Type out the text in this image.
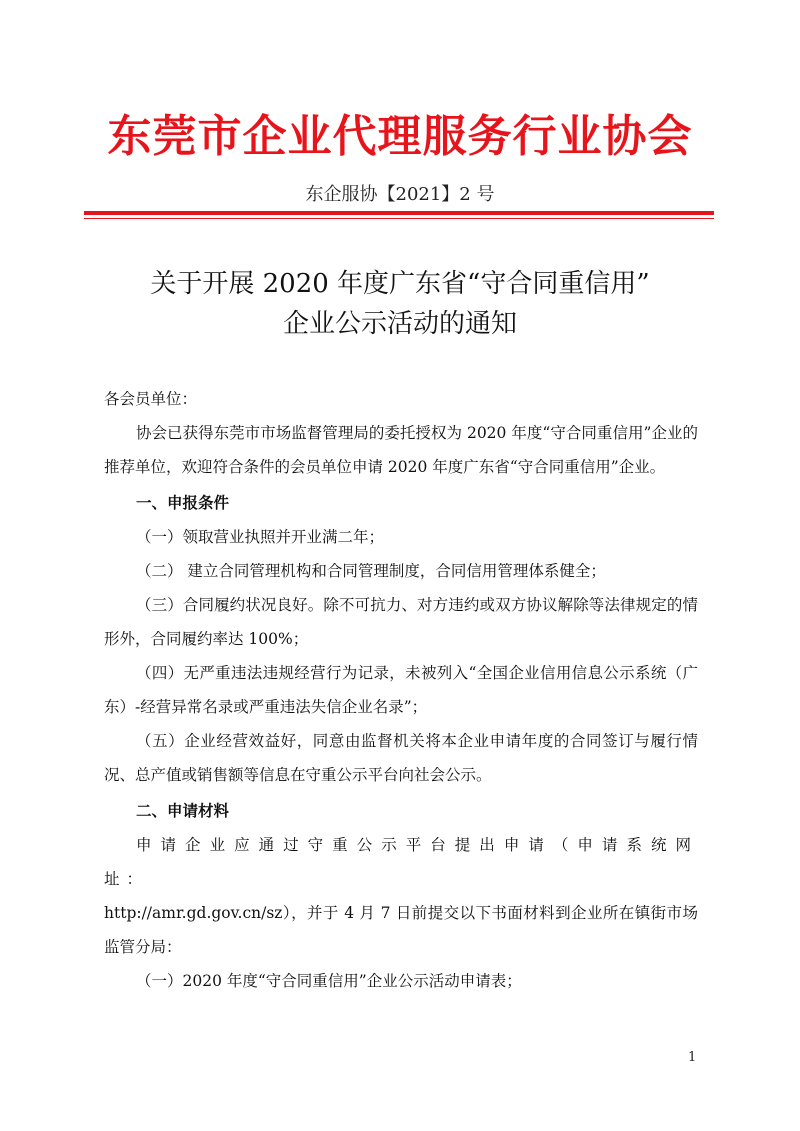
东莞市企业代理服务行业协会
东企服协【2021】2 号
关于开展 2020 年度广东省“守合同重信用”
企业公示活动的通知

各会员单位：

协会已获得东莞市市场监督管理局的委托授权为 2020 年度“守合同重信用”企业的推荐单位，欢迎符合条件的会员单位申请 2020 年度广东省“守合同重信用”企业。

一、申报条件

（一）领取营业执照并开业满二年；

（二） 建立合同管理机构和合同管理制度，合同信用管理体系健全；

（三）合同履约状况良好。除不可抗力、对方违约或双方协议解除等法律规定的情形外，合同履约率达 100%；

（四）无严重违法违规经营行为记录，未被列入“全国企业信用信息公示系统（广东）-经营异常名录或严重违法失信企业名录”；

（五）企业经营效益好，同意由监督机关将本企业申请年度的合同签订与履行情况、总产值或销售额等信息在守重公示平台向社会公示。

二、申请材料

申请企业应通过守重公示平台提出申请（申请系统网址：
http://amr.gd.gov.cn/sz），并于 4 月 7 日前提交以下书面材料到企业所在镇街市场监管分局：

（一）2020 年度“守合同重信用”企业公示活动申请表；

1
